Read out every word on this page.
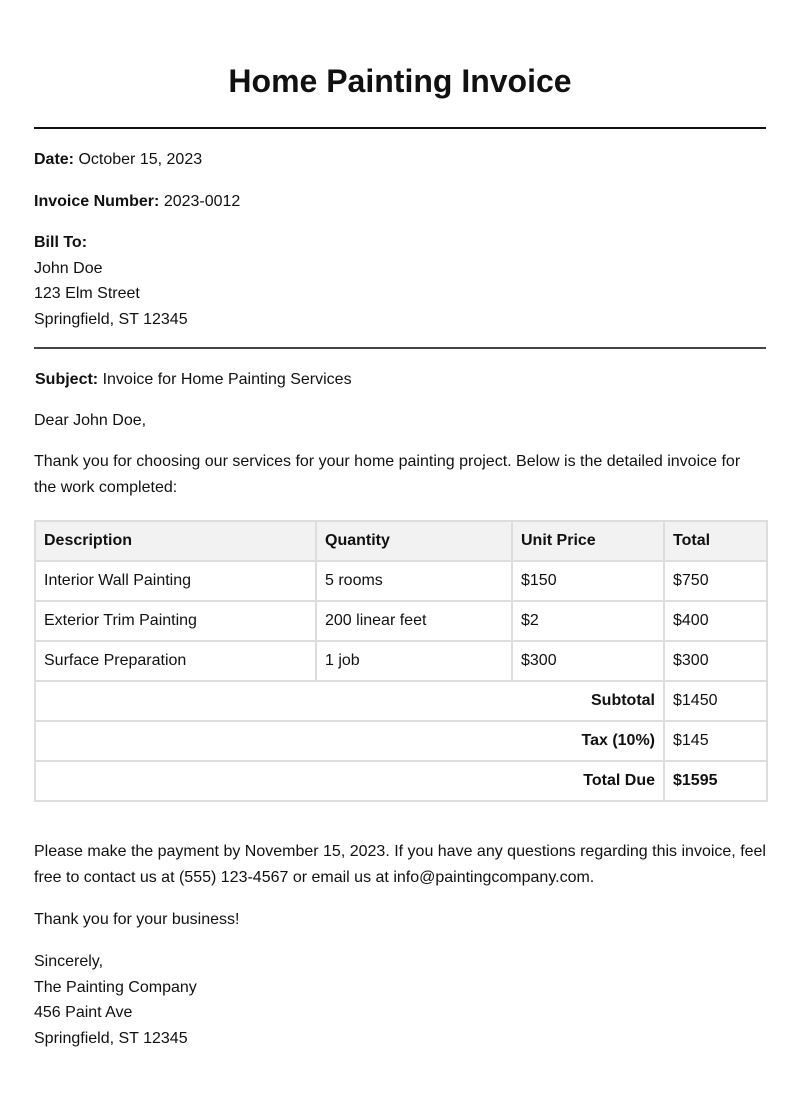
Home Painting Invoice
Date: October 15, 2023
Invoice Number: 2023-0012
Bill To:
John Doe
123 Elm Street
Springfield, ST 12345
Subject: Invoice for Home Painting Services
Dear John Doe,
Thank you for choosing our services for your home painting project. Below is the detailed invoice for the work completed:
Description	Quantity	Unit Price	Total
Interior Wall Painting	5 rooms	$150	$750
Exterior Trim Painting	200 linear feet	$2	$400
Surface Preparation	1 job	$300	$300
Subtotal			$1450
Tax (10%)			$145
Total Due			$1595
Please make the payment by November 15, 2023. If you have any questions regarding this invoice, feel free to contact us at (555) 123-4567 or email us at info@paintingcompany.com.
Thank you for your business!
Sincerely,
The Painting Company
456 Paint Ave
Springfield, ST 12345
